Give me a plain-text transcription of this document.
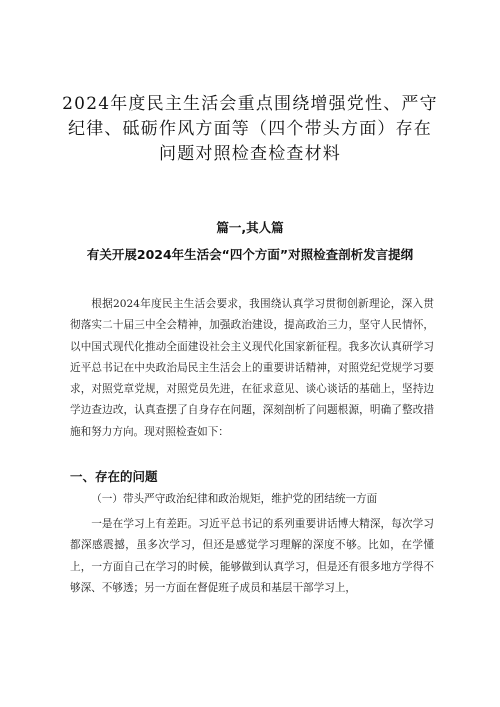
2024年度民主生活会重点围绕增强党性、严守纪律、砥砺作风方面等（四个带头方面）存在问题对照检查检查材料
篇一,其人篇
有关开展2024年生活会“四个方面”对照检查剖析发言提纲

根据2024年度民主生活会要求，我围绕认真学习贯彻创新理论，深入贯彻落实二十届三中全会精神，加强政治建设，提高政治三力，坚守人民情怀，以中国式现代化推动全面建设社会主义现代化国家新征程。我多次认真研学习近平总书记在中央政治局民主生活会上的重要讲话精神，对照党纪党规学习要求，对照党章党规，对照党员先进，在征求意见、谈心谈话的基础上，坚持边学边查边改，认真查摆了自身存在问题，深刻剖析了问题根源，明确了整改措施和努力方向。现对照检查如下：

一、存在的问题

（一）带头严守政治纪律和政治规矩，维护党的团结统一方面

一是在学习上有差距。习近平总书记的系列重要讲话博大精深，每次学习都深感震撼，虽多次学习，但还是感觉学习理解的深度不够。比如，在学懂上，一方面自己在学习的时候，能够做到认真学习，但是还有很多地方学得不够深、不够透；另一方面在督促班子成员和基层干部学习上，
